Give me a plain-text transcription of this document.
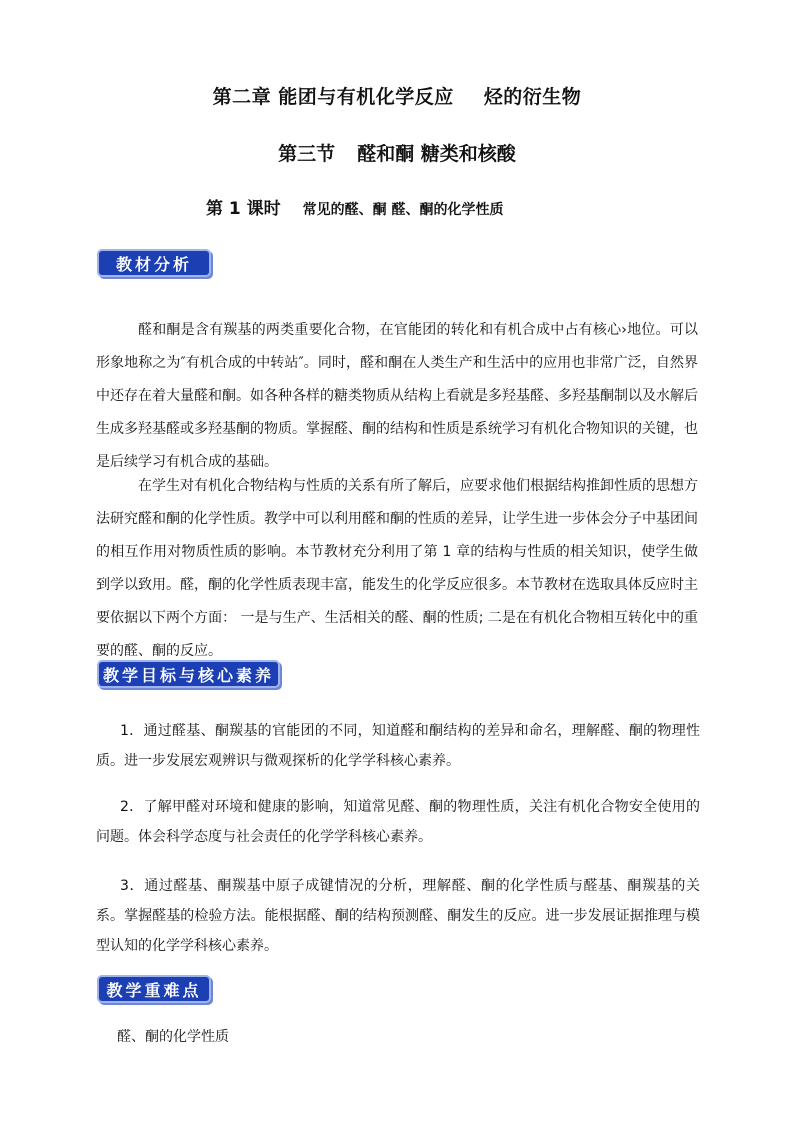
第二章 能团与有机化学反应 烃的衍生物
第三节 醛和酮 糖类和核酸
第 1 课时 常见的醛、酮 醛、酮的化学性质
教材分析

醛和酮是含有羰基的两类重要化合物，在官能团的转化和有机合成中占有核心›地位。可以形象地称之为″有机合成的中转站″。同时，醛和酮在人类生产和生活中的应用也非常广泛，自然界中还存在着大量醛和酮。如各种各样的糖类物质从结构上看就是多羟基醛、多羟基酮制以及水解后生成多羟基醛或多羟基酮的物质。掌握醛、酮的结构和性质是系统学习有机化合物知识的关键，也是后续学习有机合成的基础。

在学生对有机化合物结构与性质的关系有所了解后，应要求他们根据结构推卸性质的思想方法研究醛和酮的化学性质。教学中可以利用醛和酮的性质的差异，让学生进一步体会分子中基团间的相互作用对物质性质的影响。本节教材充分利用了第 1 章的结构与性质的相关知识，使学生做到学以致用。醛，酮的化学性质表现丰富，能发生的化学反应很多。本节教材在选取具体反应时主要依据以下两个方面： 一是与生产、生活相关的醛、酮的性质; 二是在有机化合物相互转化中的重要的醛、酮的反应。

教学目标与核心素养

1．通过醛基、酮羰基的官能团的不同，知道醛和酮结构的差异和命名，理解醛、酮的物理性质。进一步发展宏观辨识与微观探析的化学学科核心素养。

2．了解甲醛对环境和健康的影响，知道常见醛、酮的物理性质，关注有机化合物安全使用的问题。体会科学态度与社会责任的化学学科核心素养。

3．通过醛基、酮羰基中原子成键情况的分析，理解醛、酮的化学性质与醛基、酮羰基的关系。掌握醛基的检验方法。能根据醛、酮的结构预测醛、酮发生的反应。进一步发展证据推理与模型认知的化学学科核心素养。

教学重难点
醛、酮的化学性质
